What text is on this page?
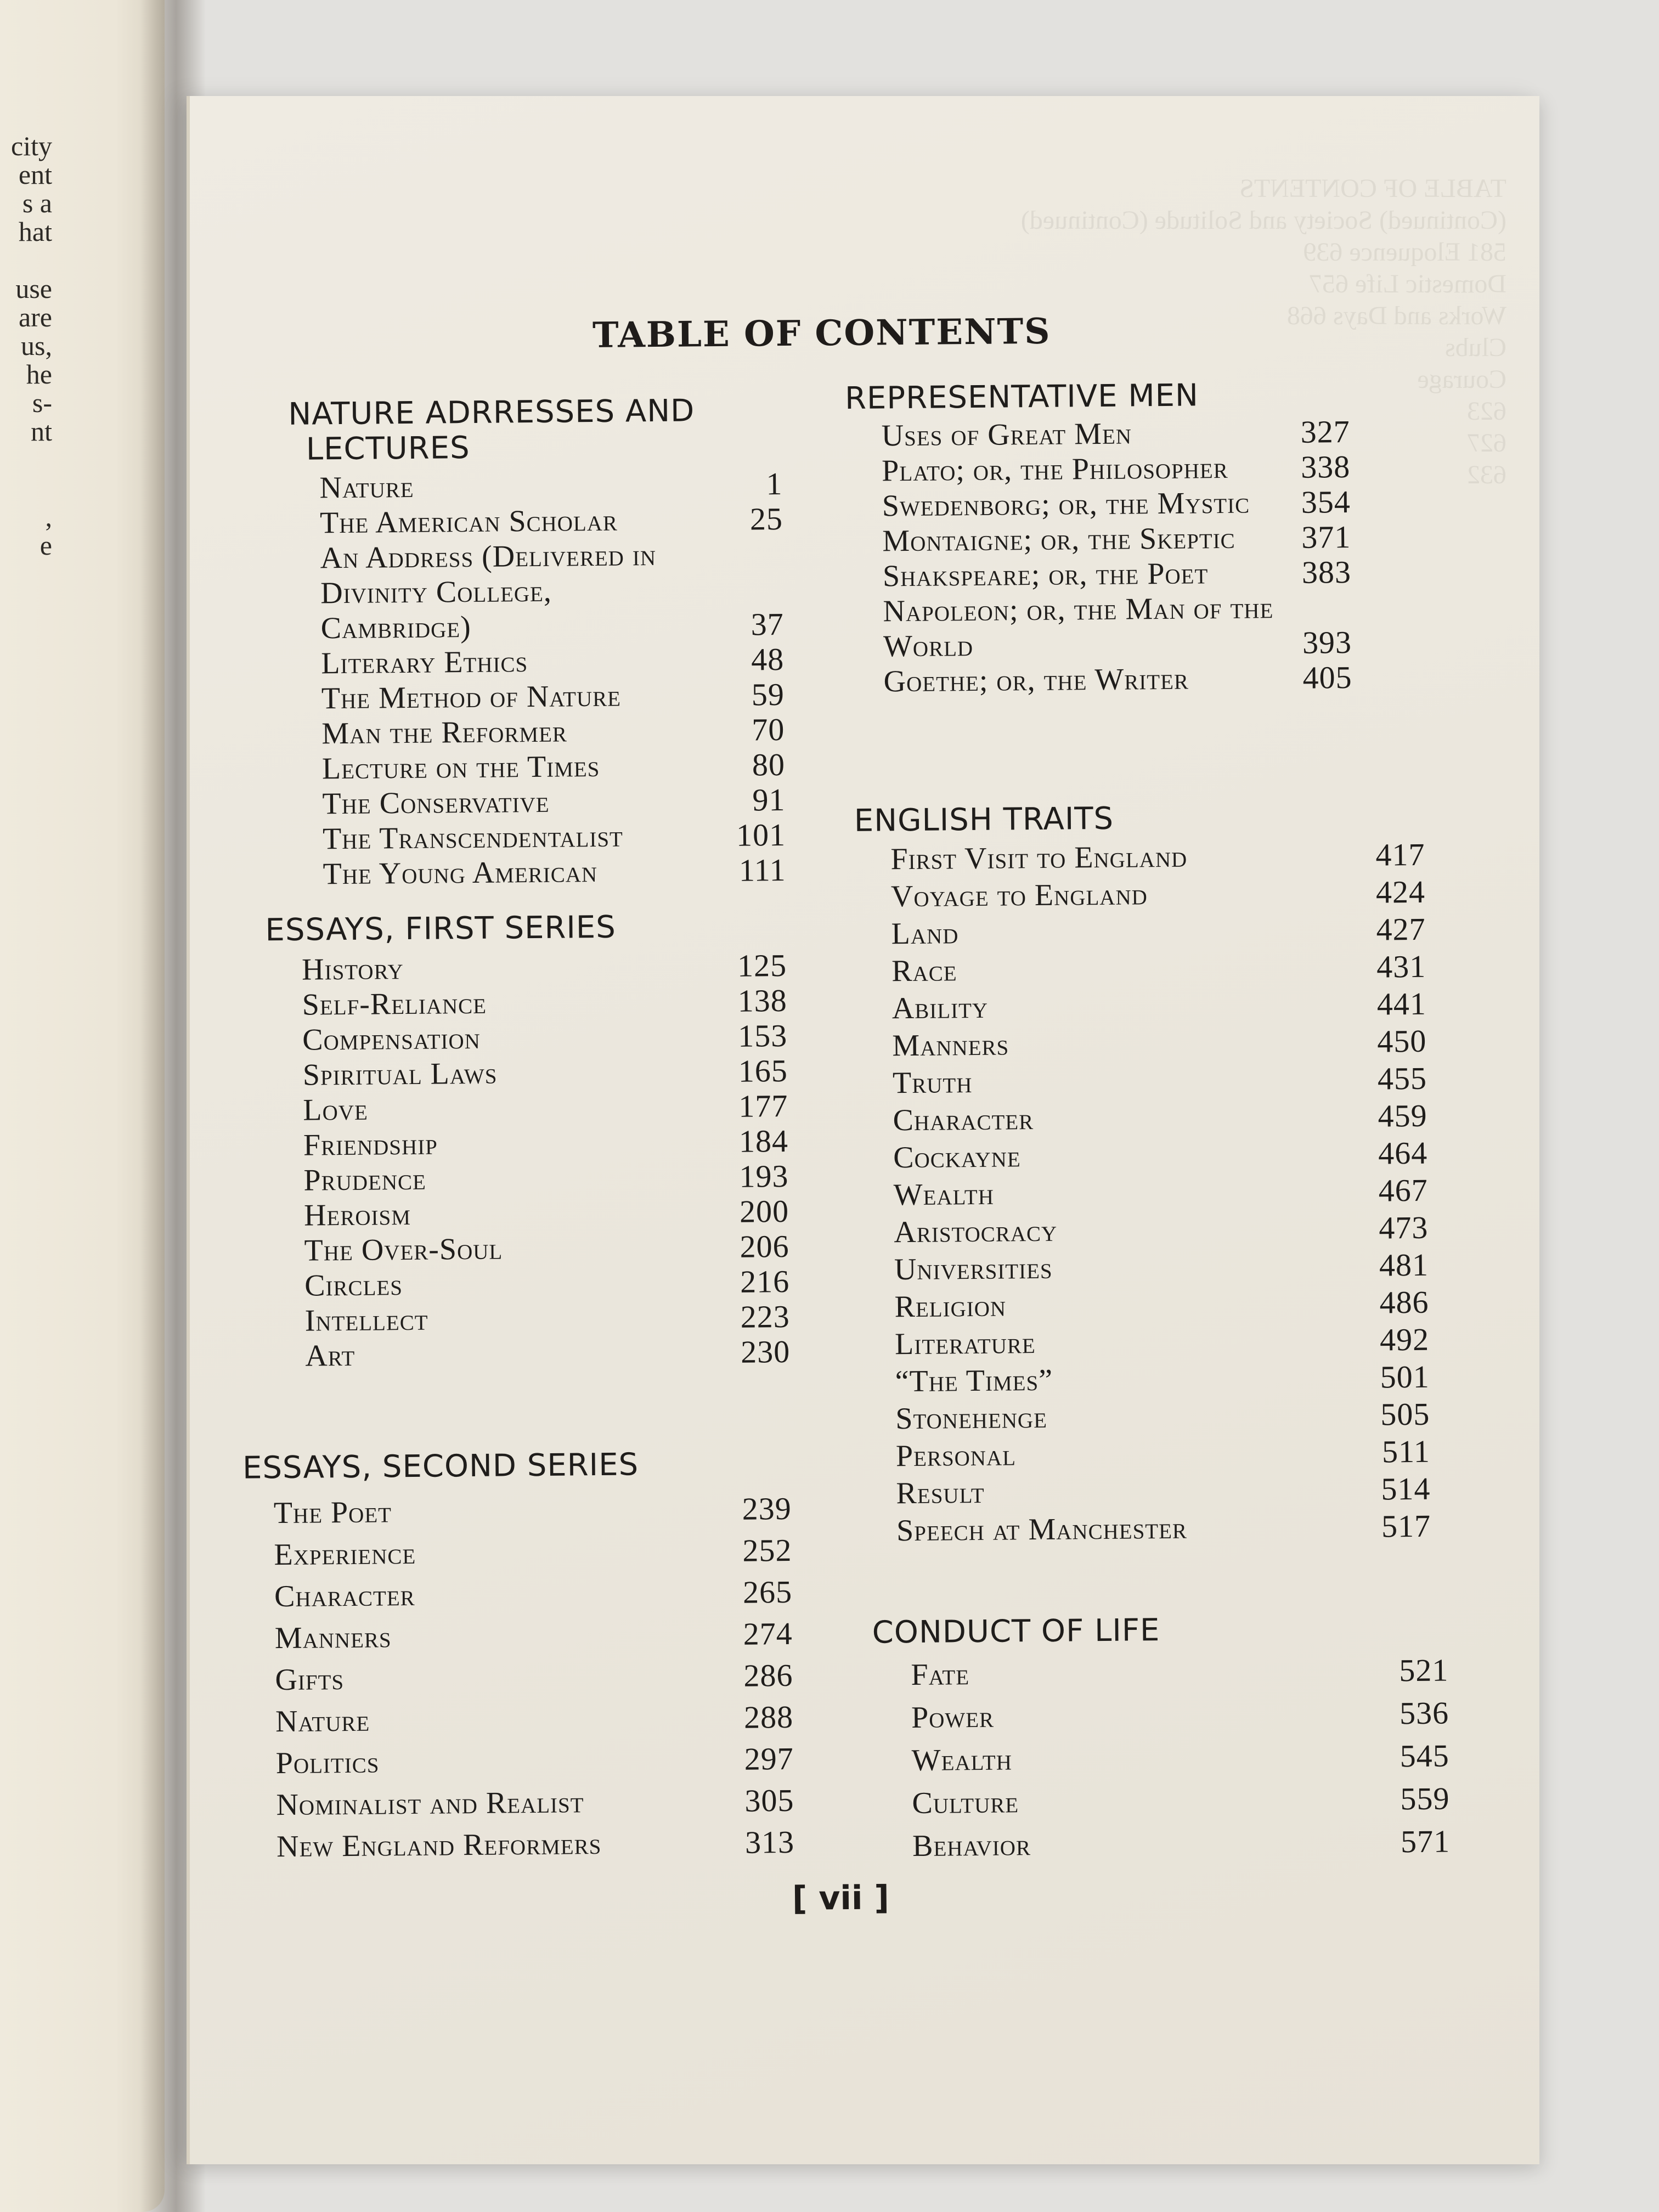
city
ent
s a
hat

use
are
us,
he
s-
nt

,
e
TABLE OF CONTENTS
(Continued) Society and Solitude (Continued)
581 Eloquence 639
Domestic Life 657
Works and Days 668
Clubs
Courage
623
627
632
TABLE OF CONTENTS

NATURE ADRRESSES AND

LECTURES

Nature	1
The American Scholar	25
An Address (Delivered in Divinity College, Cambridge)	37
Literary Ethics	48
The Method of Nature	59
Man the Reformer	70
Lecture on the Times	80
The Conservative	91
The Transcendentalist	101
The Young American	111

ESSAYS, FIRST SERIES

History	125
Self-Reliance	138
Compensation	153
Spiritual Laws	165
Love	177
Friendship	184
Prudence	193
Heroism	200
The Over-Soul	206
Circles	216
Intellect	223
Art	230

ESSAYS, SECOND SERIES

The Poet	239
Experience	252
Character	265
Manners	274
Gifts	286
Nature	288
Politics	297
Nominalist and Realist	305
New England Reformers	313

REPRESENTATIVE MEN

Uses of Great Men	327
Plato; or, the Philosopher	338
Swedenborg; or, the Mystic	354
Montaigne; or, the Skeptic	371
Shakspeare; or, the Poet	383
Napoleon; or, the Man of the World	393
Goethe; or, the Writer	405

ENGLISH TRAITS

First Visit to England	417
Voyage to England	424
Land	427
Race	431
Ability	441
Manners	450
Truth	455
Character	459
Cockayne	464
Wealth	467
Aristocracy	473
Universities	481
Religion	486
Literature	492
“The Times”	501
Stonehenge	505
Personal	511
Result	514
Speech at Manchester	517

CONDUCT OF LIFE

Fate	521
Power	536
Wealth	545
Culture	559
Behavior	571

[ vii ]
